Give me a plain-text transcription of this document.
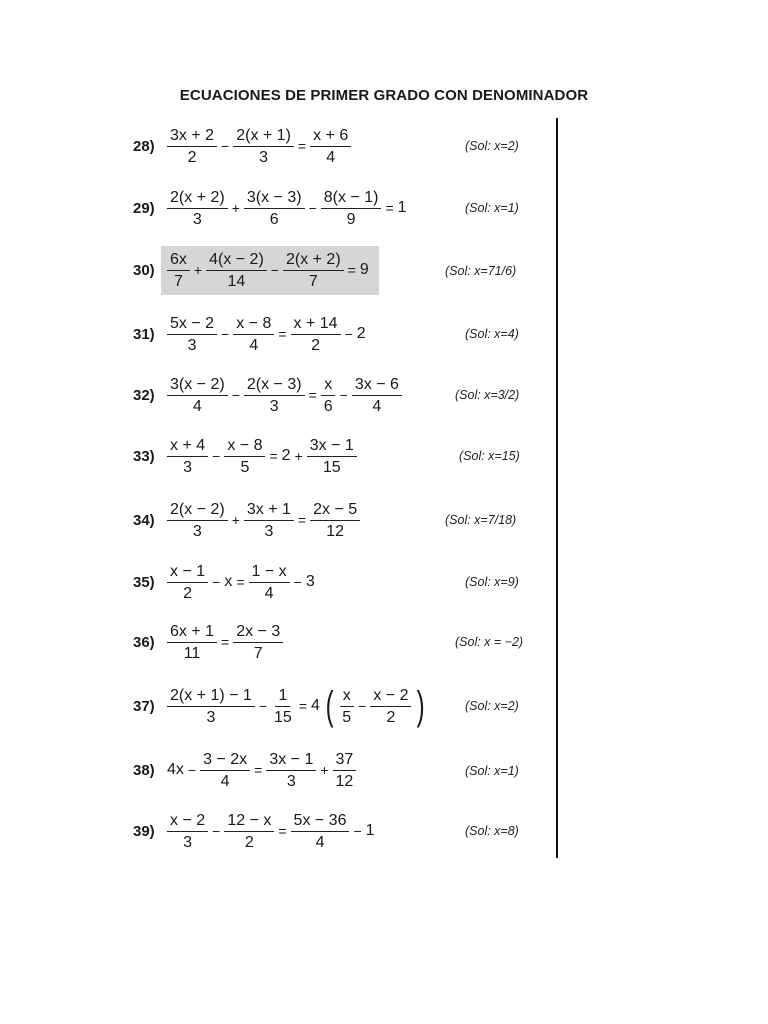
ECUACIONES DE PRIMER GRADO CON DENOMINADOR
$28) \frac{3x + 2}{2} - \frac{2(x + 1)}{3} = \frac{x + 6}{4}$	(Sol: x=2)
$29) \frac{2(x + 2)}{3} + \frac{3(x - 3)}{6} - \frac{8(x - 1)}{9} = 1$	(Sol: x=1)
$30) \frac{6x}{7} + \frac{4(x - 2)}{14} - \frac{2(x + 2)}{7} = 9$	(Sol: x=71/6)
$31) \frac{5x - 2}{3} - \frac{x - 8}{4} = \frac{x + 14}{2} - 2$	(Sol: x=4)
$32) \frac{3(x - 2)}{4} - \frac{2(x - 3)}{3} = \frac{x}{6} - \frac{3x - 6}{4}$	(Sol: x=3/2)
$33) \frac{x + 4}{3} - \frac{x - 8}{5} = 2 + \frac{3x - 1}{15}$	(Sol: x=15)
$34) \frac{2(x - 2)}{3} + \frac{3x + 1}{3} = \frac{2x - 5}{12}$	(Sol: x=7/18)
$35) \frac{x - 1}{2} - x = \frac{1 - x}{4} - 3$	(Sol: x=9)
$36) \frac{6x + 1}{11} = \frac{2x - 3}{7}$	(Sol: x = −2)
$37) \frac{2(x + 1) - 1}{3} - \frac{1}{15} = 4$ ( $\frac{x}{5} - \frac{x - 2}{2}$ )	(Sol: x=2)
38) $4x - \frac{3 - 2x}{4} = \frac{3x - 1}{3} + \frac{37}{12}$	(Sol: x=1)
$39) \frac{x - 2}{3} - \frac{12 - x}{2} = \frac{5x - 36}{4} - 1$	(Sol: x=8)
